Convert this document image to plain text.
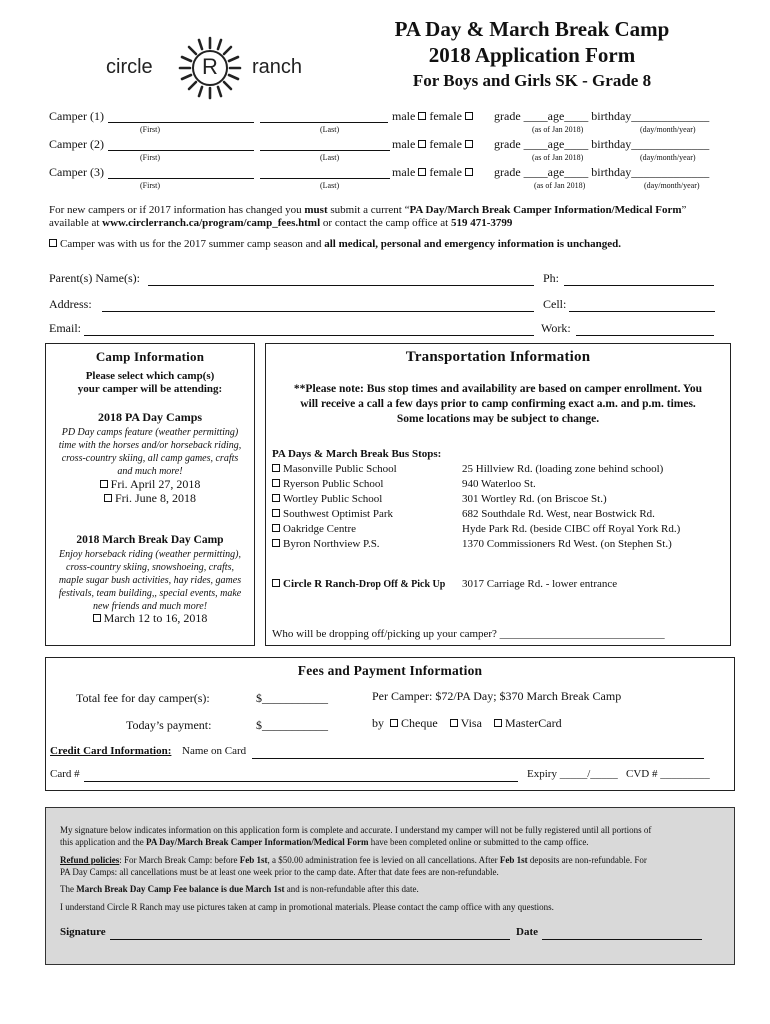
circle R ranch
PA Day & March Break Camp
2018 Application Form
For Boys and Girls SK - Grade 8
Camper (1)	male female	grade ____age____ birthday_____________
(First)	(Last)	(as of Jan 2018)	(day/month/year)
Camper (2)	male female	grade ____age____ birthday_____________
(First)	(Last)	(as of Jan 2018)	(day/month/year)
Camper (3)	male female	grade ____age____ birthday_____________
(First)	(Last)	(as of Jan 2018)	(day/month/year)
For new campers or if 2017 information has changed you must submit a current “PA Day/March Break Camper Information/Medical Form”
available at www.circlerranch.ca/program/camp_fees.html or contact the camp office at 519 471-3799
Camper was with us for the 2017 summer camp season and all medical, personal and emergency information is unchanged.
Parent(s) Name(s):	Ph:
Address:	Cell:
Email:	Work:
Camp Information
Please select which camp(s)
your camper will be attending:
2018 PA Day Camps
PD Day camps feature (weather permitting)
time with the horses and/or horseback riding,
cross-country skiing, all camp games, crafts
and much more!
Fri. April 27, 2018
Fri. June 8, 2018
2018 March Break Day Camp
Enjoy horseback riding (weather permitting),
cross-country skiing, snowshoeing, crafts,
maple sugar bush activities, hay rides, games
festivals, team building,, special events, make
new friends and much more!
March 12 to 16, 2018
Transportation Information
**Please note: Bus stop times and availability are based on camper enrollment. You
will receive a call a few days prior to camp confirming exact a.m. and p.m. times.
Some locations may be subject to change.
PA Days & March Break Bus Stops:
Masonville Public School	25 Hillview Rd. (loading zone behind school)
Ryerson Public School	940 Waterloo St.
Wortley Public School	301 Wortley Rd. (on Briscoe St.)
Southwest Optimist Park	682 Southdale Rd. West, near Bostwick Rd.
Oakridge Centre	Hyde Park Rd. (beside CIBC off Royal York Rd.)
Byron Northview P.S.	1370 Commissioners Rd West. (on Stephen St.)
Circle R Ranch-Drop Off & Pick Up 3017 Carriage Rd. - lower entrance
Who will be dropping off/picking up your camper? ______________________________
Fees and Payment Information
Total fee for day camper(s):	$___________	Per Camper: $72/PA Day; $370 March Break Camp
Today’s payment:	$___________	by Cheque Visa MasterCard
Credit Card Information: Name on Card
Card #	Expiry _____/_____ CVD # _________
My signature below indicates information on this application form is complete and accurate. I understand my camper will not be fully registered until all portions of
this application and the PA Day/March Break Camper Information/Medical Form have been completed online or submitted to the camp office.
Refund policies: For March Break Camp: before Feb 1st, a $50.00 administration fee is levied on all cancellations. After Feb 1st deposits are non-refundable. For
PA Day Camps: all cancellations must be at least one week prior to the camp date. After that date fees are non-refundable.
The March Break Day Camp Fee balance is due March 1st and is non-refundable after this date.
I understand Circle R Ranch may use pictures taken at camp in promotional materials. Please contact the camp office with any questions.
Signature	Date
